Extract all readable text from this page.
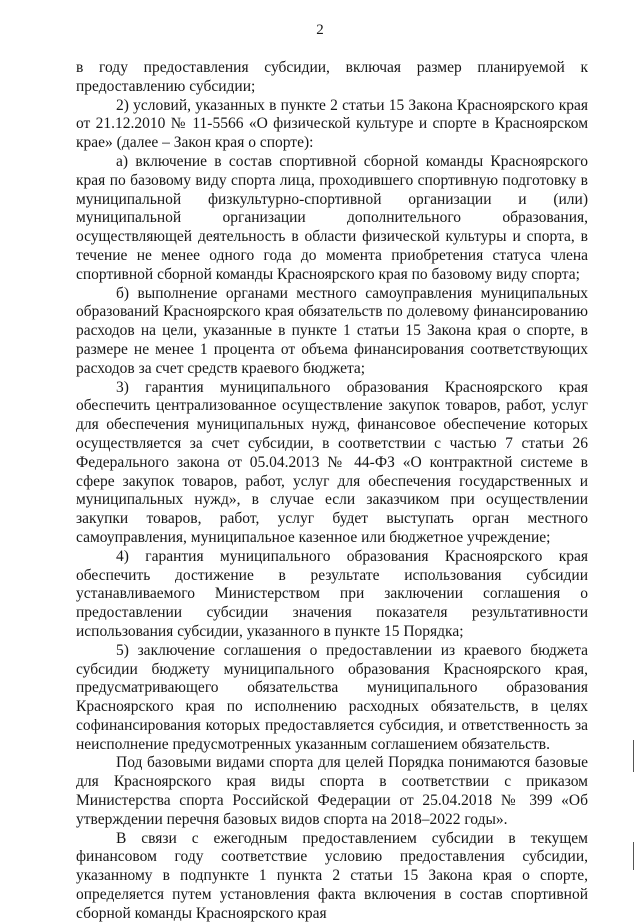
2

в году предоставления субсидии, включая размер планируемой к предоставлению субсидии;

2) условий, указанных в пункте 2 статьи 15 Закона Красноярского края от 21.12.2010 № 11-5566 «О физической культуре и спорте в Красноярском крае» (далее – Закон края о спорте):

а) включение в состав спортивной сборной команды Красноярского края по базовому виду спорта лица, проходившего спортивную подготовку в муниципальной физкультурно-спортивной организации и (или) муниципальной организации дополнительного образования, осуществляющей деятельность в области физической культуры и спорта, в течение не менее одного года до момента приобретения статуса члена спортивной сборной команды Красноярского края по базовому виду спорта;

б) выполнение органами местного самоуправления муниципальных образований Красноярского края обязательств по долевому финансированию расходов на цели, указанные в пункте 1 статьи 15 Закона края о спорте, в размере не менее 1 процента от объема финансирования соответствующих расходов за счет средств краевого бюджета;

3) гарантия муниципального образования Красноярского края обеспечить централизованное осуществление закупок товаров, работ, услуг для обеспечения муниципальных нужд, финансовое обеспечение которых осуществляется за счет субсидии, в соответствии с частью 7 статьи 26 Федерального закона от 05.04.2013 № 44-ФЗ «О контрактной системе в сфере закупок товаров, работ, услуг для обеспечения государственных и муниципальных нужд», в случае если заказчиком при осуществлении закупки товаров, работ, услуг будет выступать орган местного самоуправления, муниципальное казенное или бюджетное учреждение;

4) гарантия муниципального образования Красноярского края обеспечить достижение в результате использования субсидии устанавливаемого Министерством при заключении соглашения о предоставлении субсидии значения показателя результативности использования субсидии, указанного в пункте 15 Порядка;

5) заключение соглашения о предоставлении из краевого бюджета субсидии бюджету муниципального образования Красноярского края, предусматривающего обязательства муниципального образования Красноярского края по исполнению расходных обязательств, в целях софинансирования которых предоставляется субсидия, и ответственность за неисполнение предусмотренных указанным соглашением обязательств.

Под базовыми видами спорта для целей Порядка понимаются базовые для Красноярского края виды спорта в соответствии с приказом Министерства спорта Российской Федерации от 25.04.2018 № 399 «Об утверждении перечня базовых видов спорта на 2018–2022 годы».

В связи с ежегодным предоставлением субсидии в текущем финансовом году соответствие условию предоставления субсидии, указанному в подпункте 1 пункта 2 статьи 15 Закона края о спорте, определяется путем установления факта включения в состав спортивной сборной команды Красноярского края
